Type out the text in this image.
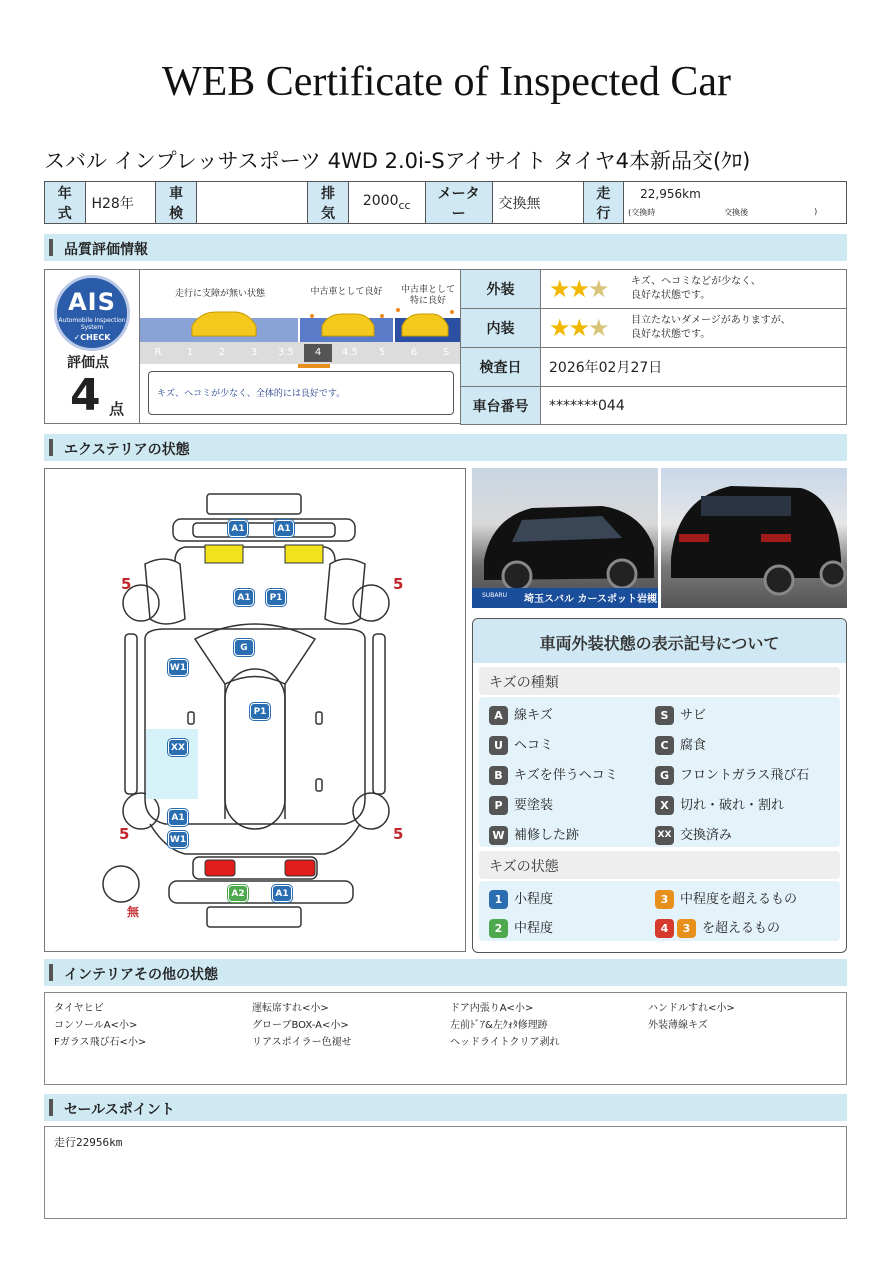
WEB Certificate of Inspected Car
スバル インプレッサスポーツ 4WD 2.0i-Sアイサイト タイヤ4本新品交(ｸﾛ)
年式	H28年	車検		排気	$2000_{cc}$	メーター	交換無	走行	
22,956km
(交換時	交換後	)
品質評価情報
AIS
Automobile Inspection System
✓CHECK
評価点
4 点
走行に支障が無い状態	中古車として良好	中古車として
特に良好
R	1	2	3	3.5	4	4.5	5	6	S
キズ、ヘコミが少なく、全体的には良好です。
外装	★★★ キズ、ヘコミなどが少なく、
良好な状態です。

内装	★★★ 目立たないダメージがありますが、
良好な状態です。

検査日	2026年02月27日
車台番号	*******044
エクステリアの状態
5	5
5	5
無
A1	A1
A1	P1
G
W1
P1
XX
A1
W1
A2	A1
SUBARU 埼玉スバル カースポット岩槻
車両外装状態の表示記号について
キズの種類
A 線キズ	S サビ
U ヘコミ	C 腐食
B キズを伴うヘコミ	G フロントガラス飛び石
P 要塗装	X 切れ・破れ・割れ
W 補修した跡	XX 交換済み
キズの状態
1 小程度	3 中程度を超えるもの
2 中程度	4 3 を超えるもの
インテリアその他の状態
タイヤヒビ	運転席すれ<小>	ドア内張りA<小>	ハンドルすれ<小>
コンソールA<小>	グローブBOX-A<小>	左前ﾄﾞｱ&左ｸｫﾀ修理跡	外装薄線キズ
Fガラス飛び石<小>	リアスポイラー色褪せ	ヘッドライトクリア剥れ
セールスポイント
走行22956km
